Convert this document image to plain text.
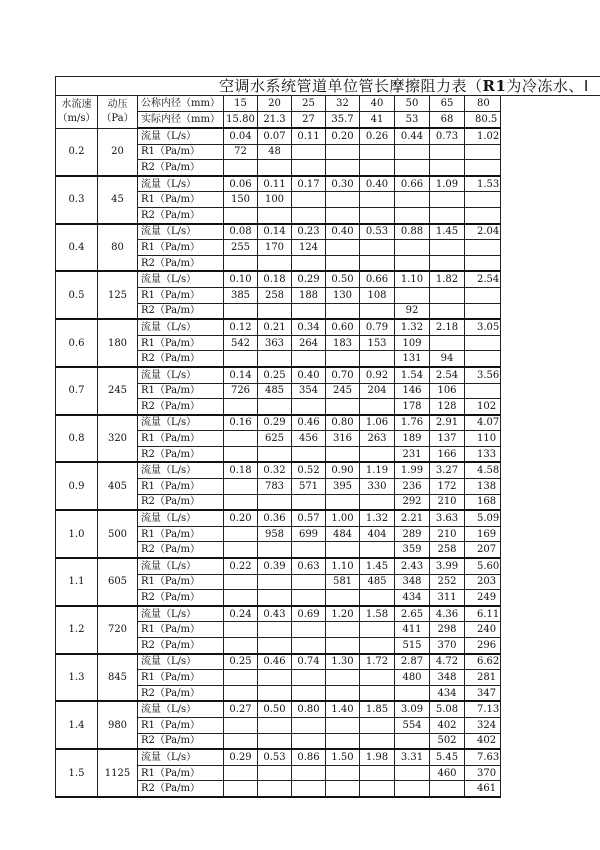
空调水系统管道单位管长摩擦阻力表（R1为冷冻水、I										
水流速（m/s）	动压（Pa）	公称内径（mm）	15	20	25	32	40	50	65	80
		实际内径（mm）	15.80	21.3	27	35.7	41	53	68	80.5
0.2	20	流量（L/s）	0.04	0.07	0.11	0.20	0.26	0.44	0.73	1.02
		R1（Pa/m）	72	48						
		R2（Pa/m）								
0.3	45	流量（L/s）	0.06	0.11	0.17	0.30	0.40	0.66	1.09	1.53
		R1（Pa/m）	150	100						
		R2（Pa/m）								
0.4	80	流量（L/s）	0.08	0.14	0.23	0.40	0.53	0.88	1.45	2.04
		R1（Pa/m）	255	170	124					
		R2（Pa/m）								
0.5	125	流量（L/s）	0.10	0.18	0.29	0.50	0.66	1.10	1.82	2.54
		R1（Pa/m）	385	258	188	130	108			
		R2（Pa/m）						92		
0.6	180	流量（L/s）	0.12	0.21	0.34	0.60	0.79	1.32	2.18	3.05
		R1（Pa/m）	542	363	264	183	153	109		
		R2（Pa/m）						131	94	
0.7	245	流量（L/s）	0.14	0.25	0.40	0.70	0.92	1.54	2.54	3.56
		R1（Pa/m）	726	485	354	245	204	146	106	
		R2（Pa/m）						178	128	102
0.8	320	流量（L/s）	0.16	0.29	0.46	0.80	1.06	1.76	2.91	4.07
		R1（Pa/m）		625	456	316	263	189	137	110
		R2（Pa/m）						231	166	133
0.9	405	流量（L/s）	0.18	0.32	0.52	0.90	1.19	1.99	3.27	4.58
		R1（Pa/m）		783	571	395	330	236	172	138
		R2（Pa/m）						292	210	168
1.0	500	流量（L/s）	0.20	0.36	0.57	1.00	1.32	2.21	3.63	5.09
		R1（Pa/m）		958	699	484	404	289	210	169
		R2（Pa/m）						359	258	207
1.1	605	流量（L/s）	0.22	0.39	0.63	1.10	1.45	2.43	3.99	5.60
		R1（Pa/m）				581	485	348	252	203
		R2（Pa/m）						434	311	249
1.2	720	流量（L/s）	0.24	0.43	0.69	1.20	1.58	2.65	4.36	6.11
		R1（Pa/m）						411	298	240
		R2（Pa/m）						515	370	296
1.3	845	流量（L/s）	0.25	0.46	0.74	1.30	1.72	2.87	4.72	6.62
		R1（Pa/m）						480	348	281
		R2（Pa/m）							434	347
1.4	980	流量（L/s）	0.27	0.50	0.80	1.40	1.85	3.09	5.08	7.13
		R1（Pa/m）						554	402	324
		R2（Pa/m）							502	402
1.5	1125	流量（L/s）	0.29	0.53	0.86	1.50	1.98	3.31	5.45	7.63
		R1（Pa/m）							460	370
		R2（Pa/m）								461
